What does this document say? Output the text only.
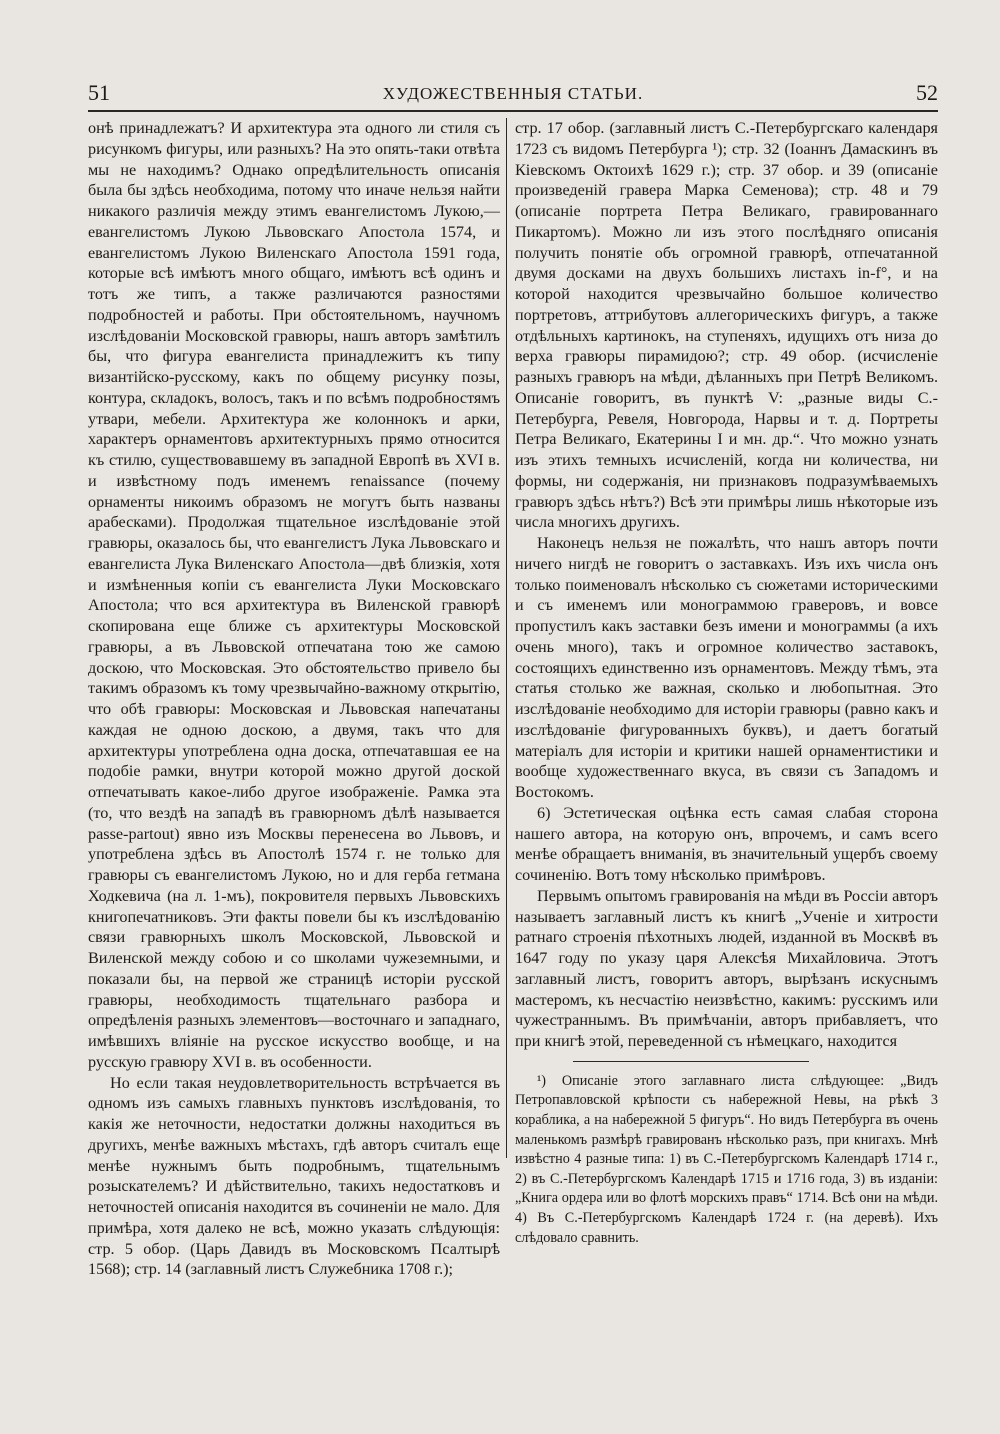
51	ХУДОЖЕСТВЕННЫЯ СТАТЬИ.	52

онѣ принадлежатъ? И архитектура эта одного ли стиля съ рисункомъ фигуры, или разныхъ? На это опять-таки отвѣта мы не находимъ? Однако опредѣлительность описанія была бы здѣсь необходима, потому что иначе нельзя найти никакого различія между этимъ евангелистомъ Лукою,—евангелистомъ Лукою Львовскаго Апостола 1574, и евангелистомъ Лукою Виленскаго Апостола 1591 года, которые всѣ имѣютъ много общаго, имѣютъ всѣ одинъ и тотъ же типъ, а также различаются разностями подробностей и работы. При обстоятельномъ, научномъ изслѣдованіи Московской гравюры, нашъ авторъ замѣтилъ бы, что фигура евангелиста принадлежитъ къ типу византійско-русскому, какъ по общему рисунку позы, контура, складокъ, волосъ, такъ и по всѣмъ подробностямъ утвари, мебели. Архитектура же колоннокъ и арки, характеръ орнаментовъ архитектурныхъ прямо относится къ стилю, существовавшему въ западной Европѣ въ XVI в. и извѣстному подъ именемъ renaissance (почему орнаменты никоимъ образомъ не могутъ быть названы арабесками). Продолжая тщательное изслѣдованіе этой гравюры, оказалось бы, что евангелистъ Лука Львовскаго и евангелиста Лука Виленскаго Апостола—двѣ близкія, хотя и измѣненныя копіи съ евангелиста Луки Московскаго Апостола; что вся архитектура въ Виленской гравюрѣ скопирована еще ближе съ архитектуры Московской гравюры, а въ Львовской отпечатана тою же самою доскою, что Московская. Это обстоятельство привело бы такимъ образомъ къ тому чрезвычайно-важному открытію, что обѣ гравюры: Московская и Львовская напечатаны каждая не одною доскою, а двумя, такъ что для архитектуры употреблена одна доска, отпечатавшая ее на подобіе рамки, внутри которой можно другой доской отпечатывать какое-либо другое изображеніе. Рамка эта (то, что вездѣ на западѣ въ гравюрномъ дѣлѣ называется passe-partout) явно изъ Москвы перенесена во Львовъ, и употреблена здѣсь въ Апостолѣ 1574 г. не только для гравюры съ евангелистомъ Лукою, но и для герба гетмана Ходкевича (на л. 1-мъ), покровителя первыхъ Львовскихъ книгопечатниковъ. Эти факты повели бы къ изслѣдованію связи гравюрныхъ школъ Московской, Львовской и Виленской между собою и со школами чужеземными, и показали бы, на первой же страницѣ исторіи русской гравюры, необходимость тщательнаго разбора и опредѣленія разныхъ элементовъ—восточнаго и западнаго, имѣвшихъ вліяніе на русское искусство вообще, и на русскую гравюру XVI в. въ особенности.

Но если такая неудовлетворительность встрѣчается въ одномъ изъ самыхъ главныхъ пунктовъ изслѣдованія, то какія же неточности, недостатки должны находиться въ другихъ, менѣе важныхъ мѣстахъ, гдѣ авторъ считалъ еще менѣе нужнымъ быть подробнымъ, тщательнымъ розыскателемъ? И дѣйствительно, такихъ недостатковъ и неточностей описанія находится въ сочиненіи не мало. Для примѣра, хотя далеко не всѣ, можно указать слѣдующія: стр. 5 обор. (Царь Давидъ въ Московскомъ Псалтырѣ 1568); стр. 14 (заглавный листъ Служебника 1708 г.);

стр. 17 обор. (заглавный листъ С.-Петербургскаго календаря 1723 съ видомъ Петербурга ¹); стр. 32 (Іоаннъ Дамаскинъ въ Кіевскомъ Октоихѣ 1629 г.); стр. 37 обор. и 39 (описаніе произведеній гравера Марка Семенова); стр. 48 и 79 (описаніе портрета Петра Великаго, гравированнаго Пикартомъ). Можно ли изъ этого послѣдняго описанія получить понятіе объ огромной гравюрѣ, отпечатанной двумя досками на двухъ большихъ листахъ in-f°, и на которой находится чрезвычайно большое количество портретовъ, аттрибутовъ аллегорическихъ фигуръ, а также отдѣльныхъ картинокъ, на ступеняхъ, идущихъ отъ низа до верха гравюры пирамидою?; стр. 49 обор. (исчисленіе разныхъ гравюръ на мѣди, дѣланныхъ при Петрѣ Великомъ. Описаніе говоритъ, въ пунктѣ V: „разные виды С.-Петербурга, Ревеля, Новгорода, Нарвы и т. д. Портреты Петра Великаго, Екатерины I и мн. др.“. Что можно узнать изъ этихъ темныхъ исчисленій, когда ни количества, ни формы, ни содержанія, ни признаковъ подразумѣваемыхъ гравюръ здѣсь нѣтъ?) Всѣ эти примѣры лишь нѣкоторые изъ числа многихъ другихъ.

Наконецъ нельзя не пожалѣть, что нашъ авторъ почти ничего нигдѣ не говоритъ о заставкахъ. Изъ ихъ числа онъ только поименовалъ нѣсколько съ сюжетами историческими и съ именемъ или монограммою граверовъ, и вовсе пропустилъ какъ заставки безъ имени и монограммы (а ихъ очень много), такъ и огромное количество заставокъ, состоящихъ единственно изъ орнаментовъ. Между тѣмъ, эта статья столько же важная, сколько и любопытная. Это изслѣдованіе необходимо для исторіи гравюры (равно какъ и изслѣдованіе фигурованныхъ буквъ), и даетъ богатый матеріалъ для исторіи и критики нашей орнаментистики и вообще художественнаго вкуса, въ связи съ Западомъ и Востокомъ.

6) Эстетическая оцѣнка есть самая слабая сторона нашего автора, на которую онъ, впрочемъ, и самъ всего менѣе обращаетъ вниманія, въ значительный ущербъ своему сочиненію. Вотъ тому нѣсколько примѣровъ.

Первымъ опытомъ гравированія на мѣди въ Россіи авторъ называетъ заглавный листъ къ книгѣ „Ученіе и хитрости ратнаго строенія пѣхотныхъ людей, изданной въ Москвѣ въ 1647 году по указу царя Алексѣя Михайловича. Этотъ заглавный листъ, говоритъ авторъ, вырѣзанъ искуснымъ мастеромъ, къ несчастію неизвѣстно, какимъ: русскимъ или чужестраннымъ. Въ примѣчаніи, авторъ прибавляетъ, что при книгѣ этой, переведенной съ нѣмецкаго, находится

¹) Описаніе этого заглавнаго листа слѣдующее: „Видъ Петропавловской крѣпости съ набережной Невы, на рѣкѣ 3 кораблика, а на набережной 5 фигуръ“. Но видъ Петербурга въ очень маленькомъ размѣрѣ гравированъ нѣсколько разъ, при книгахъ. Мнѣ извѣстно 4 разные типа: 1) въ С.-Петербургскомъ Календарѣ 1714 г., 2) въ С.-Петербургскомъ Календарѣ 1715 и 1716 года, 3) въ изданіи: „Книга ордера или во флотѣ морскихъ правъ“ 1714. Всѣ они на мѣди. 4) Въ С.-Петербургскомъ Календарѣ 1724 г. (на деревѣ). Ихъ слѣдовало сравнить.
